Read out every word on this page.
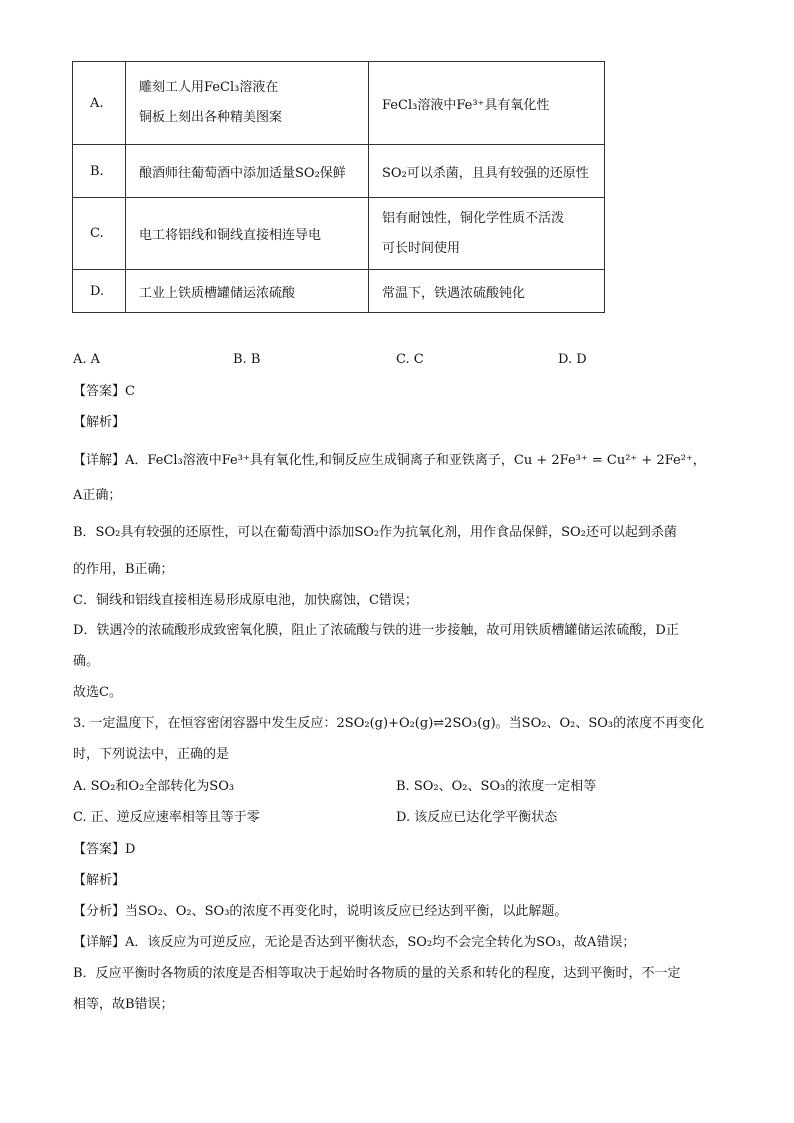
A.	雕刻工人用FeCl₃溶液在
铜板上刻出各种精美图案	FeCl₃溶液中Fe³⁺具有氧化性
B.	酿酒师往葡萄酒中添加适量SO₂保鲜	SO₂可以杀菌，且具有较强的还原性
C.	电工将铝线和铜线直接相连导电	铝有耐蚀性，铜化学性质不活泼
可长时间使用

D.	工业上铁质槽罐储运浓硫酸	常温下，铁遇浓硫酸钝化
A. A	B. B	C. C	D. D
【答案】C
【解析】
【详解】A．FeCl₃溶液中Fe³⁺具有氧化性,和铜反应生成铜离子和亚铁离子，Cu + 2Fe³⁺ = Cu²⁺ + 2Fe²⁺，
A正确；
B．SO₂具有较强的还原性，可以在葡萄酒中添加SO₂作为抗氧化剂，用作食品保鲜，SO₂还可以起到杀菌
的作用，B正确；
C．铜线和铝线直接相连易形成原电池，加快腐蚀，C错误；
D．铁遇冷的浓硫酸形成致密氧化膜，阻止了浓硫酸与铁的进一步接触，故可用铁质槽罐储运浓硫酸，D正
确。
故选C。
3. 一定温度下，在恒容密闭容器中发生反应：2SO₂(g)+O₂(g)⇌2SO₃(g)。当SO₂、O₂、SO₃的浓度不再变化
时，下列说法中，正确的是
A. SO₂和O₂全部转化为SO₃	B. SO₂、O₂、SO₃的浓度一定相等
C. 正、逆反应速率相等且等于零	D. 该反应已达化学平衡状态
【答案】D
【解析】
【分析】当SO₂、O₂、SO₃的浓度不再变化时，说明该反应已经达到平衡，以此解题。
【详解】A．该反应为可逆反应，无论是否达到平衡状态，SO₂均不会完全转化为SO₃，故A错误；
B．反应平衡时各物质的浓度是否相等取决于起始时各物质的量的关系和转化的程度，达到平衡时，不一定
相等，故B错误；
